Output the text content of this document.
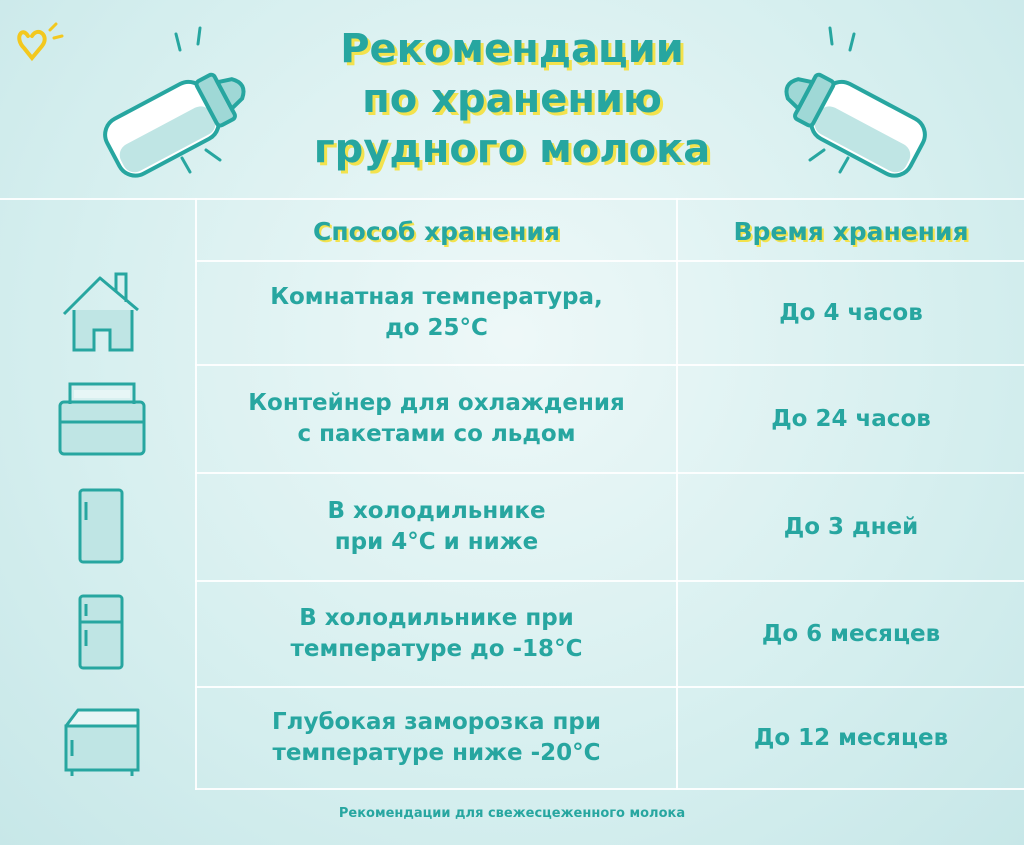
Рекомендации
по хранению
грудного молока
Способ хранения	Время хранения
Комнатная температура,
до 25°C
До 4 часов
Контейнер для охлаждения
с пакетами со льдом
До 24 часов
В холодильнике
при 4°C и ниже
До 3 дней
В холодильнике при
температуре до -18°C
До 6 месяцев
Глубокая заморозка при
температуре ниже -20°C
До 12 месяцев
Рекомендации для свежесцеженного молока
